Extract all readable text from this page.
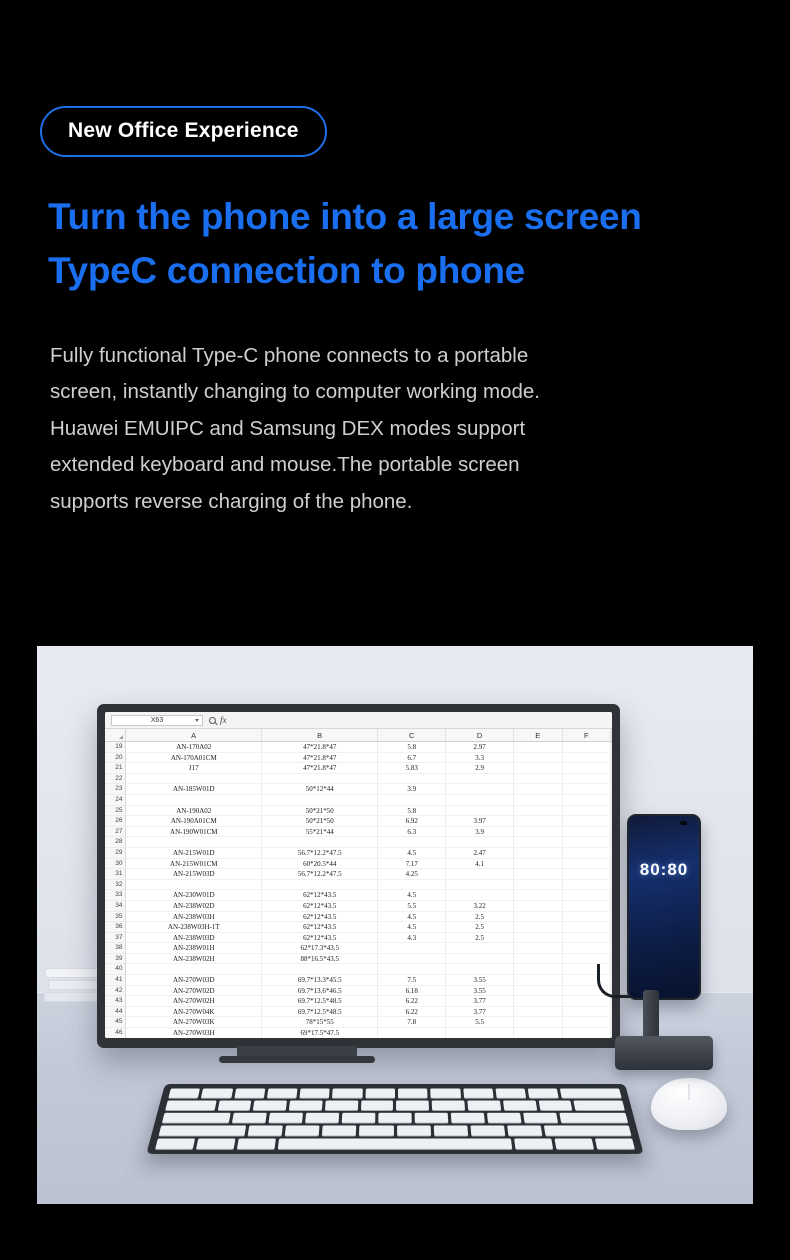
New Office Experience
Turn the phone into a large screen
TypeC connection to phone
Fully functional Type-C phone connects to a portable
screen, instantly changing to computer working mode.
Huawei EMUIPC and Samsung DEX modes support
extended keyboard and mouse.The portable screen
supports reverse charging of the phone.
X63	fx
A	B	C	D	E	F
19	AN-170A02	47*21.8*47	5.8	2.97
20	AN-170A01CM	47*21.8*47	6.7	3.3
21	J17	47*21.8*47	5.83	2.9
22
23	AN-185W01D	50*12*44	3.9
24
25	AN-190A02	50*21*50	5.8
26	AN-190A01CM	50*21*50	6.92	3.97
27	AN-190W01CM	55*21*44	6.3	3.9
28
29	AN-215W01D	56.7*12.2*47.5	4.5	2.47
30	AN-215W01CM	60*20.5*44	7.17	4.1
31	AN-215W03D	56.7*12.2*47.5	4.25
32
33	AN-230W01D	62*12*43.5	4.5
34	AN-238W02D	62*12*43.5	5.5	3.22
35	AN-238W03H	62*12*43.5	4.5	2.5
36	AN-238W03H-1T	62*12*43.5	4.5	2.5
37	AN-238W03D	62*12*43.5	4.3	2.5
38	AN-238W01H	62*17.3*43.5
39	AN-238W02H	88*16.5*43.5
40
41	AN-270W03D	69.7*13.3*45.5	7.5	3.55
42	AN-270W02D	69.7*13.6*46.5	6.18	3.55
43	AN-270W02H	69.7*12.5*48.5	6.22	3.77
44	AN-270W04K	69.7*12.5*48.5	6.22	3.77
45	AN-270W03K	78*15*55	7.8	5.5
46	AN-270W03H	69*17.5*47.5
80:80
